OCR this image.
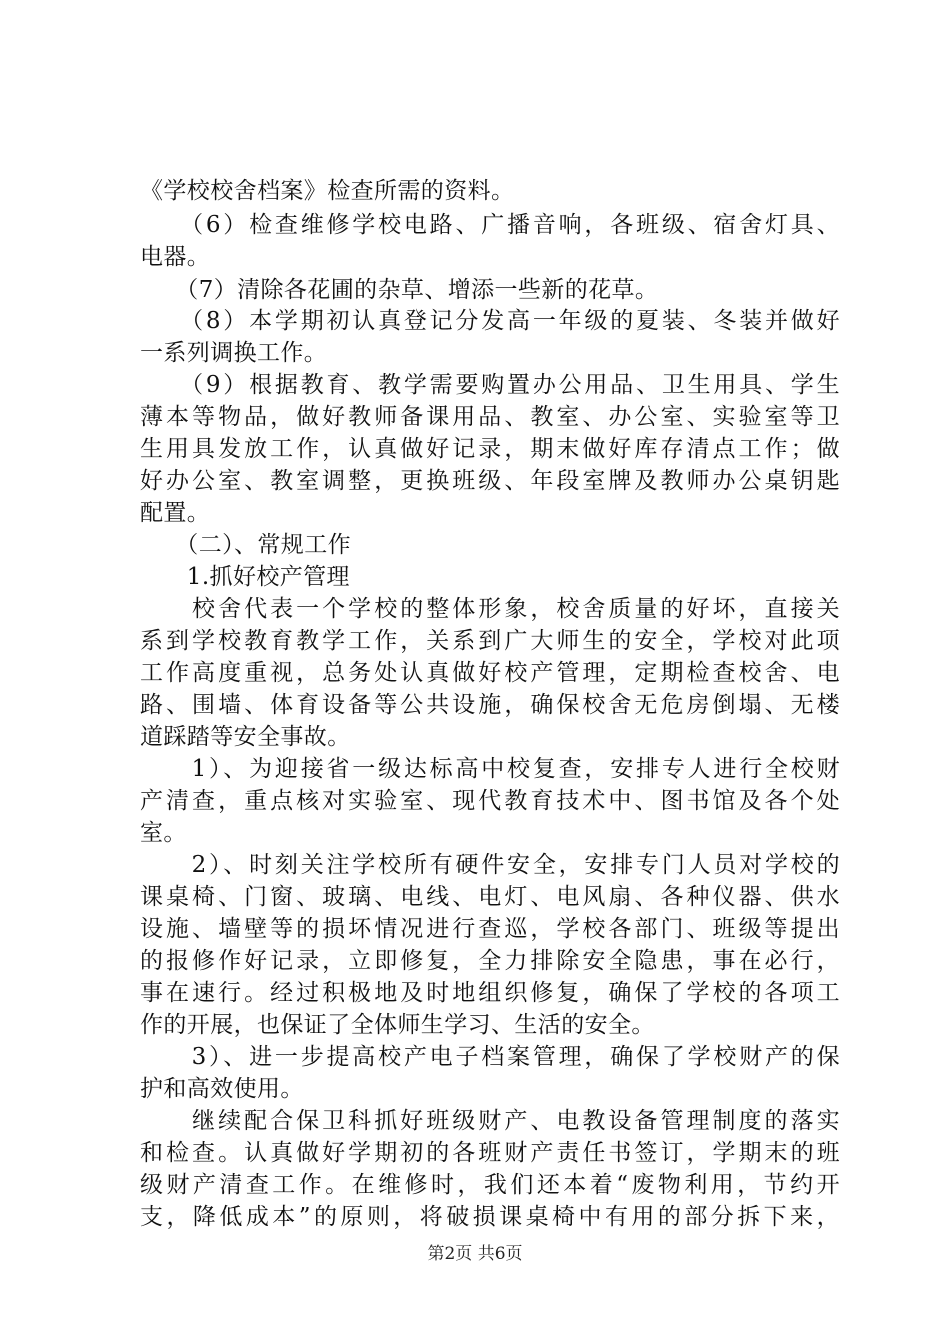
《学校校舍档案》检查所需的资料。
　　（6）检查维修学校电路、广播音响，各班级、宿舍灯具、
电器。
　　（7）清除各花圃的杂草、增添一些新的花草。
　　（8）本学期初认真登记分发高一年级的夏装、冬装并做好
一系列调换工作。
　　（9）根据教育、教学需要购置办公用品、卫生用具、学生
薄本等物品，做好教师备课用品、教室、办公室、实验室等卫
生用具发放工作，认真做好记录，期末做好库存清点工作；做
好办公室、教室调整，更换班级、年段室牌及教师办公桌钥匙
配置。
　　（二）、常规工作
　　1.抓好校产管理
　　校舍代表一个学校的整体形象，校舍质量的好坏，直接关
系到学校教育教学工作，关系到广大师生的安全，学校对此项
工作高度重视，总务处认真做好校产管理，定期检查校舍、电
路、围墙、体育设备等公共设施，确保校舍无危房倒塌、无楼
道踩踏等安全事故。
　　1）、为迎接省一级达标高中校复查，安排专人进行全校财
产清查，重点核对实验室、现代教育技术中、图书馆及各个处
室。
　　2）、时刻关注学校所有硬件安全，安排专门人员对学校的
课桌椅、门窗、玻璃、电线、电灯、电风扇、各种仪器、供水
设施、墙壁等的损坏情况进行查巡，学校各部门、班级等提出
的报修作好记录，立即修复，全力排除安全隐患，事在必行，
事在速行。经过积极地及时地组织修复，确保了学校的各项工
作的开展，也保证了全体师生学习、生活的安全。
　　3）、进一步提高校产电子档案管理，确保了学校财产的保
护和高效使用。
　　继续配合保卫科抓好班级财产、电教设备管理制度的落实
和检查。认真做好学期初的各班财产责任书签订，学期末的班
级财产清查工作。在维修时，我们还本着“废物利用，节约开
支，降低成本”的原则，将破损课桌椅中有用的部分拆下来，
第2页 共6页
